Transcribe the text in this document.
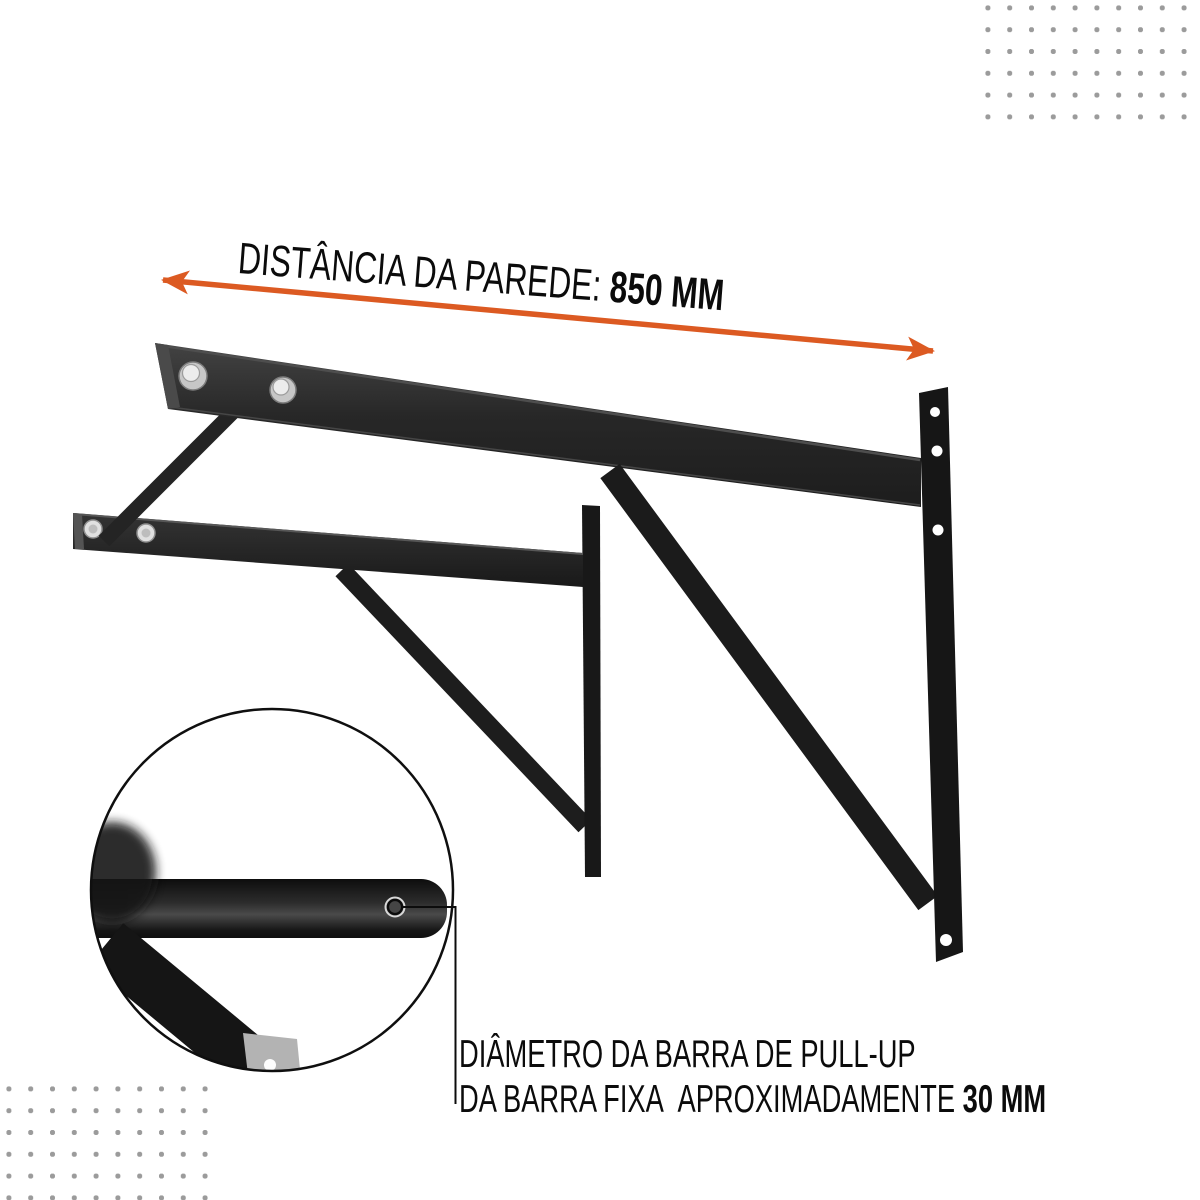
DISTÂNCIA DA PAREDE: 850 MM
DIÂMETRO DA BARRA DE PULL-UP
DA BARRA FIXA  APROXIMADAMENTE 30 MM
